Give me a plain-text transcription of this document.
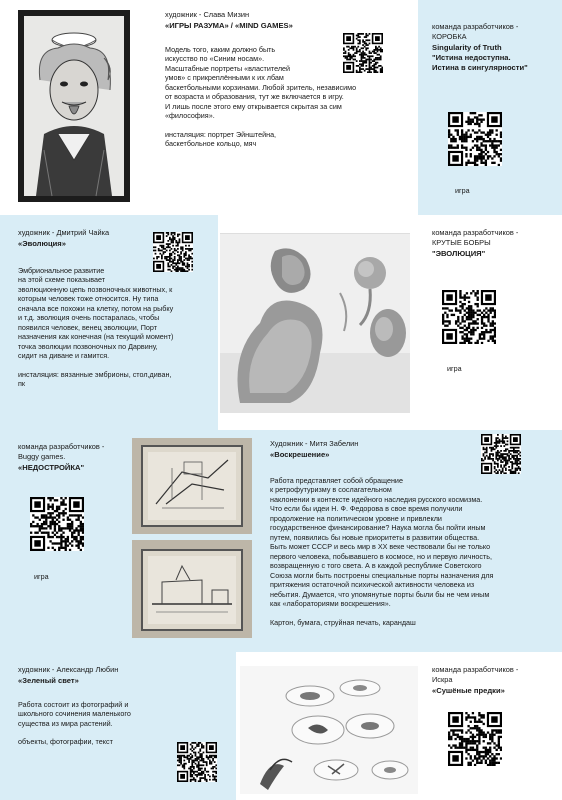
художник - Слава Мизин
«ИГРЫ РАЗУМА» / «MIND GAMES»

Модель того, каким должно быть

искусство по «Синим носам».

Масштабные портреты «властителей

умов» с прикреплёнными к их лбам

баскетбольными корзинами. Любой зритель, независимо

от возраста и образования, тут же включается в игру.

И лишь после этого ему открывается скрытая за сим

«философия».

инсталяция: портрет Эйнштейна,

баскетбольное кольцо, мяч

команда разработчиков -
КОРОБКА
Singularity of Truth
"Истина недоступна.
Истина в сингулярности"
игра
художник - Дмитрий Чайка
«Эволюция»

Эмбриональное развитие

на этой схеме показывает

эволюционную цепь позвоночных животных, к

которым человек тоже относится. Ну типа

сначала все похожи на клетку, потом на рыбку

и т.д. эволюция очень постаралась, чтобы

появился человек, венец эволюции, Порт

назначения как конечная (на текущий момент)

точка эволюции позвоночных по Дарвину,

сидит на диване и гамится.

инсталяция: вязанные эмбрионы, стол,диван,

пк

команда разработчиков -
КРУТЫЕ БОБРЫ
"ЭВОЛЮЦИЯ"
игра
команда разработчиков -
Buggy games.
«НЕДОСТРОЙКА"
игра
Художник - Митя Забелин
«Воскрешение»

Работа представляет собой обращение

к ретрофутуризму в сослагательном

наклонении в контексте идейного наследия русского космизма.

Что если бы идеи Н. Ф. Федорова в свое время получили

продолжение на политическом уровне и привлекли

государственное финансирование? Наука могла бы пойти иным

путем, появились бы новые приоритеты в развитии общества.

Быть может СССР и весь мир в XX веке чествовали бы не только

первого человека, побывавшего в космосе, но и первую личность,

возвращенную с того света. А в каждой республике Советского

Союза могли быть построены специальные порты назначения для

притяжения остаточной психической активности человека из

небытия. Думается, что упомянутые порты были бы не чем иным

как «лабораториями воскрешения».

Картон, бумага, струйная печать, карандаш

художник - Александр Любин
«Зеленый свет»

Работа состоит из фотографий и

школьного сочинения маленького

существа из мира растений.

объекты, фотографии, текст

команда разработчиков -
Искра
«Сушёные предки»
